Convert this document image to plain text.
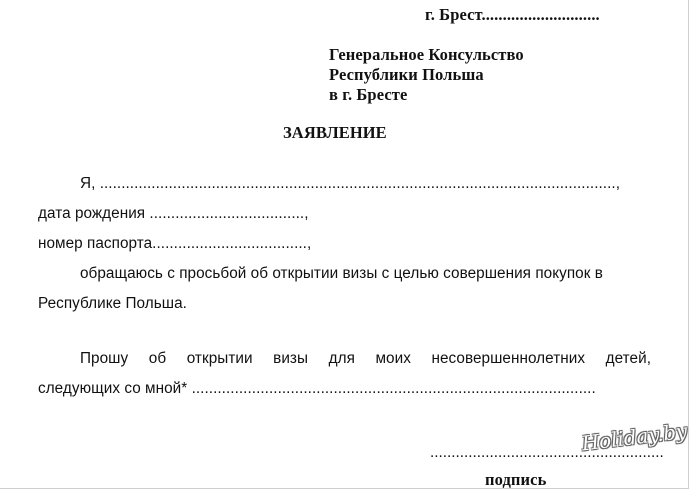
г. Брест............................
Генеральное Консульство
Республики Польша
в г. Бресте
ЗАЯВЛЕНИЕ
Я, ........................................................................................................................,
дата рождения ....................................,
номер паспорта....................................,
обращаюсь с просьбой об открытии визы с целью совершения покупок в
Республике Польша.
Прошу об открытии визы для моих несовершеннолетних детей,
следующих со мной* ..............................................................................................
.......................................................
подпись
Holiday.by
